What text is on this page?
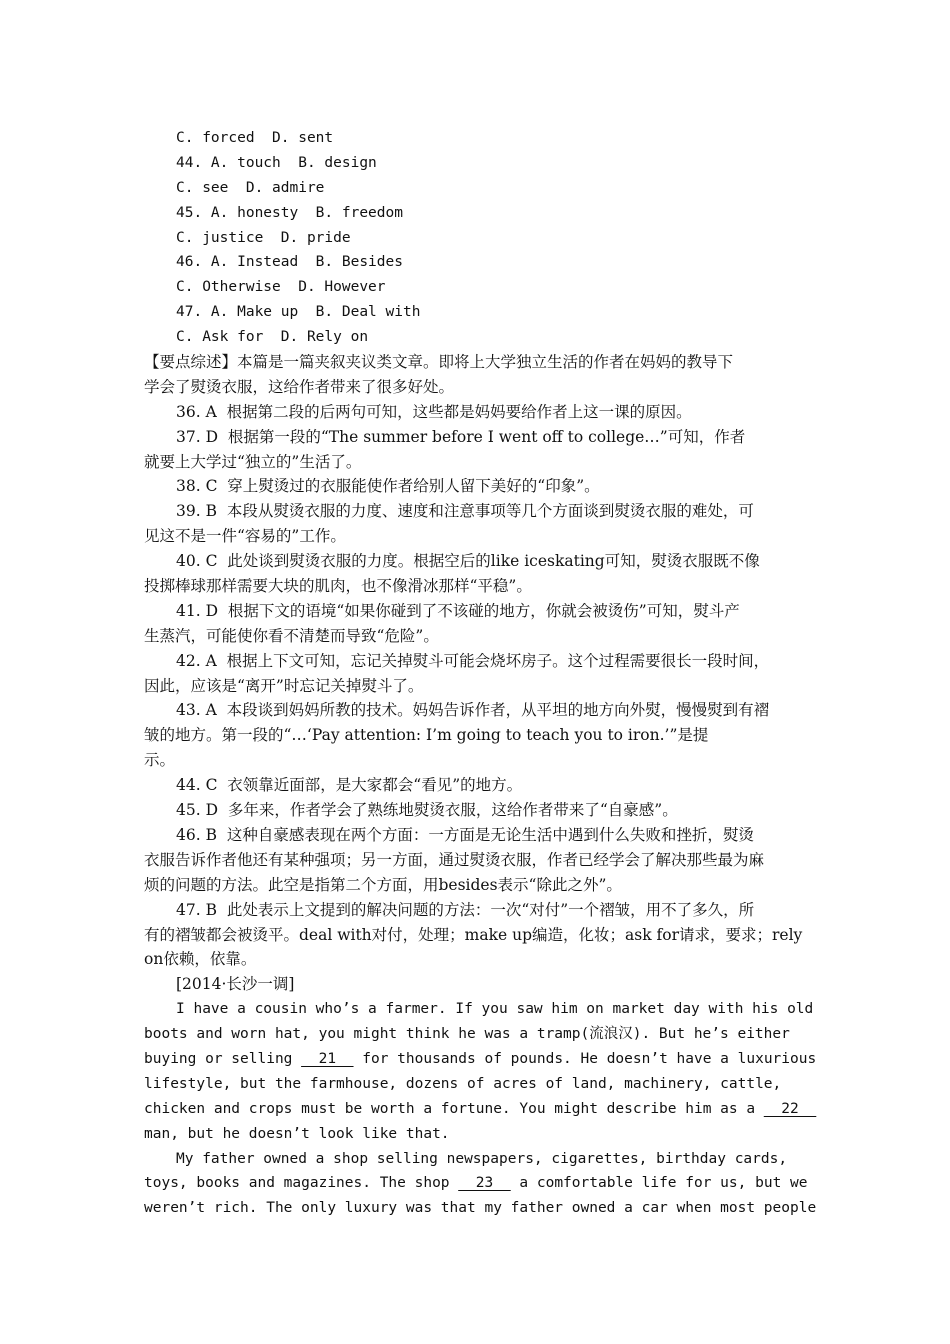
C. forced  D. sent
44. A. touch  B. design
C. see  D. admire
45. A. honesty  B. freedom
C. justice  D. pride
46. A. Instead  B. Besides
C. Otherwise  D. However
47. A. Make up  B. Deal with
C. Ask for  D. Rely on
【要点综述】本篇是一篇夹叙夹议类文章。即将上大学独立生活的作者在妈妈的教导下
学会了熨烫衣服，这给作者带来了很多好处。
36. A  根据第二段的后两句可知，这些都是妈妈要给作者上这一课的原因。
37. D  根据第一段的“The summer before I went off to college…”可知，作者
就要上大学过“独立的”生活了。
38. C  穿上熨烫过的衣服能使作者给别人留下美好的“印象”。
39. B  本段从熨烫衣服的力度、速度和注意事项等几个方面谈到熨烫衣服的难处，可
见这不是一件“容易的”工作。
40. C  此处谈到熨烫衣服的力度。根据空后的like iceskating可知，熨烫衣服既不像
投掷棒球那样需要大块的肌肉，也不像滑冰那样“平稳”。
41. D  根据下文的语境“如果你碰到了不该碰的地方，你就会被烫伤”可知，熨斗产
生蒸汽，可能使你看不清楚而导致“危险”。
42. A  根据上下文可知，忘记关掉熨斗可能会烧坏房子。这个过程需要很长一段时间，
因此，应该是“离开”时忘记关掉熨斗了。
43. A  本段谈到妈妈所教的技术。妈妈告诉作者，从平坦的地方向外熨，慢慢熨到有褶
皱的地方。第一段的“…‘Pay attention: I’m going to teach you to iron.’”是提
示。
44. C  衣领靠近面部，是大家都会“看见”的地方。
45. D  多年来，作者学会了熟练地熨烫衣服，这给作者带来了“自豪感”。
46. B  这种自豪感表现在两个方面：一方面是无论生活中遇到什么失败和挫折，熨烫
衣服告诉作者他还有某种强项；另一方面，通过熨烫衣服，作者已经学会了解决那些最为麻
烦的问题的方法。此空是指第二个方面，用besides表示“除此之外”。
47. B  此处表示上文提到的解决问题的方法：一次“对付”一个褶皱，用不了多久，所
有的褶皱都会被烫平。deal with对付，处理；make up编造，化妆；ask for请求，要求；rely
on依赖，依靠。
[2014·长沙一调]
I have a cousin who’s a farmer. If you saw him on market day with his old
boots and worn hat, you might think he was a tramp(流浪汉). But he’s either
buying or selling __21__ for thousands of pounds. He doesn’t have a luxurious
lifestyle, but the farmhouse, dozens of acres of land, machinery, cattle,
chicken and crops must be worth a fortune. You might describe him as a __22__
man, but he doesn’t look like that.
My father owned a shop selling newspapers, cigarettes, birthday cards,
toys, books and magazines. The shop __23__ a comfortable life for us, but we
weren’t rich. The only luxury was that my father owned a car when most people
